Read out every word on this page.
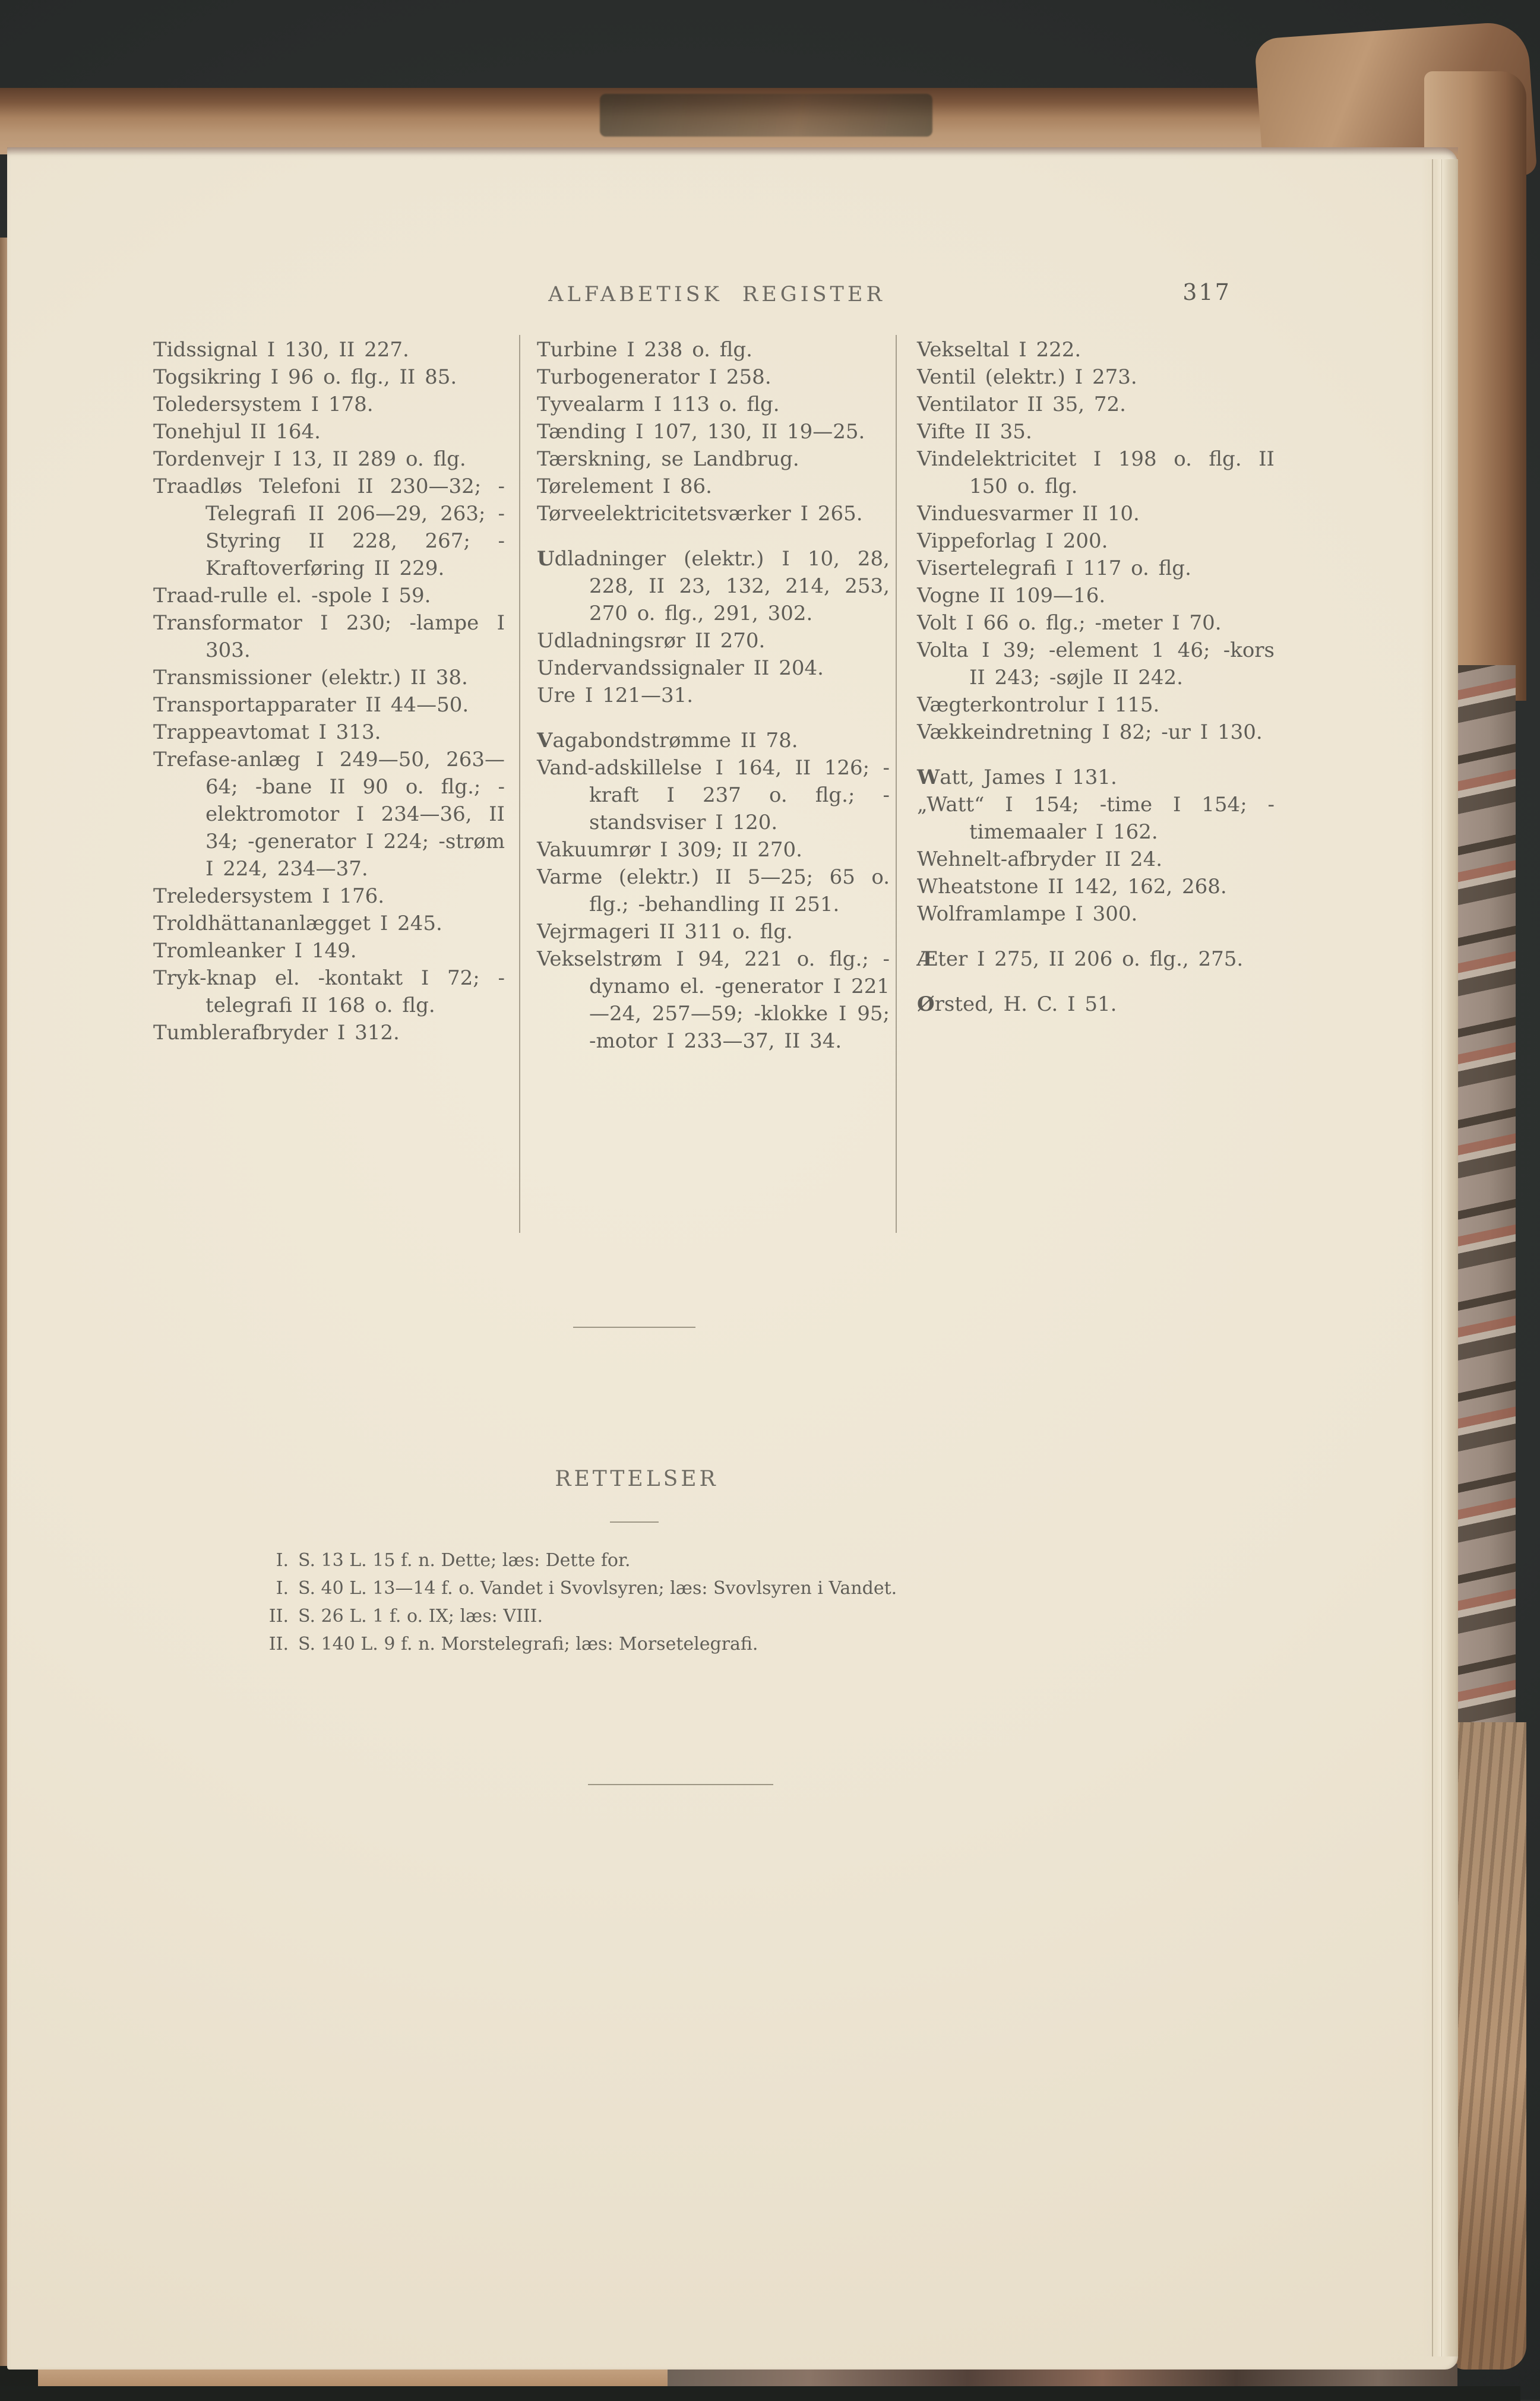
ALFABETISK REGISTER	317

Tidssignal I 130, II 227.

Togsikring I 96 o. flg., II 85.

Toledersystem I 178.

Tonehjul II 164.

Tordenvejr I 13, II 289 o. flg.

Traadløs Telefoni II 230—32; -Telegrafi II 206—29, 263; -Styring II 228, 267; -Kraftoverføring II 229.

Traad-rulle el. -spole I 59.

Transformator I 230; -lampe I 303.

Transmissioner (elektr.) II 38.

Transportapparater II 44—50.

Trappeavtomat I 313.

Trefase-anlæg I 249—50, 263—64; -bane II 90 o. flg.; -elektromotor I 234—36, II 34; -generator I 224; -strøm I 224, 234—37.

Treledersystem I 176.

Troldhättananlægget I 245.

Tromleanker I 149.

Tryk-knap el. -kontakt I 72; -telegrafi II 168 o. flg.

Tumblerafbryder I 312.

Turbine I 238 o. flg.

Turbogenerator I 258.

Tyvealarm I 113 o. flg.

Tænding I 107, 130, II 19—25.

Tærskning, se Landbrug.

Tørelement I 86.

Tørveelektricitetsværker I 265.

Udladninger (elektr.) I 10, 28, 228, II 23, 132, 214, 253, 270 o. flg., 291, 302.

Udladningsrør II 270.

Undervandssignaler II 204.

Ure I 121—31.

Vagabondstrømme II 78.

Vand-adskillelse I 164, II 126; -kraft I 237 o. flg.; -standsviser I 120.

Vakuumrør I 309; II 270.

Varme (elektr.) II 5—25; 65 o. flg.; -behandling II 251.

Vejrmageri II 311 o. flg.

Vekselstrøm I 94, 221 o. flg.; -dynamo el. -generator I 221—24, 257—59; -klokke I 95; -motor I 233—37, II 34.

Vekseltal I 222.

Ventil (elektr.) I 273.

Ventilator II 35, 72.

Vifte II 35.

Vindelektricitet I 198 o. flg. II 150 o. flg.

Vinduesvarmer II 10.

Vippeforlag I 200.

Visertelegrafi I 117 o. flg.

Vogne II 109—16.

Volt I 66 o. flg.; -meter I 70.

Volta I 39; -element 1 46; -kors II 243; -søjle II 242.

Vægterkontrolur I 115.

Vækkeindretning I 82; -ur I 130.

Watt, James I 131.

„Watt“ I 154; -time I 154; -timemaaler I 162.

Wehnelt-afbryder II 24.

Wheatstone II 142, 162, 268.

Wolframlampe I 300.

Æter I 275, II 206 o. flg., 275.

Ørsted, H. C. I 51.

RETTELSER
I. S. 13 L. 15 f. n. Dette; læs: Dette for.
I. S. 40 L. 13—14 f. o. Vandet i Svovlsyren; læs: Svovlsyren i Vandet.
II. S. 26 L. 1 f. o. IX; læs: VIII.
II. S. 140 L. 9 f. n. Morstelegrafi; læs: Morsetelegrafi.
